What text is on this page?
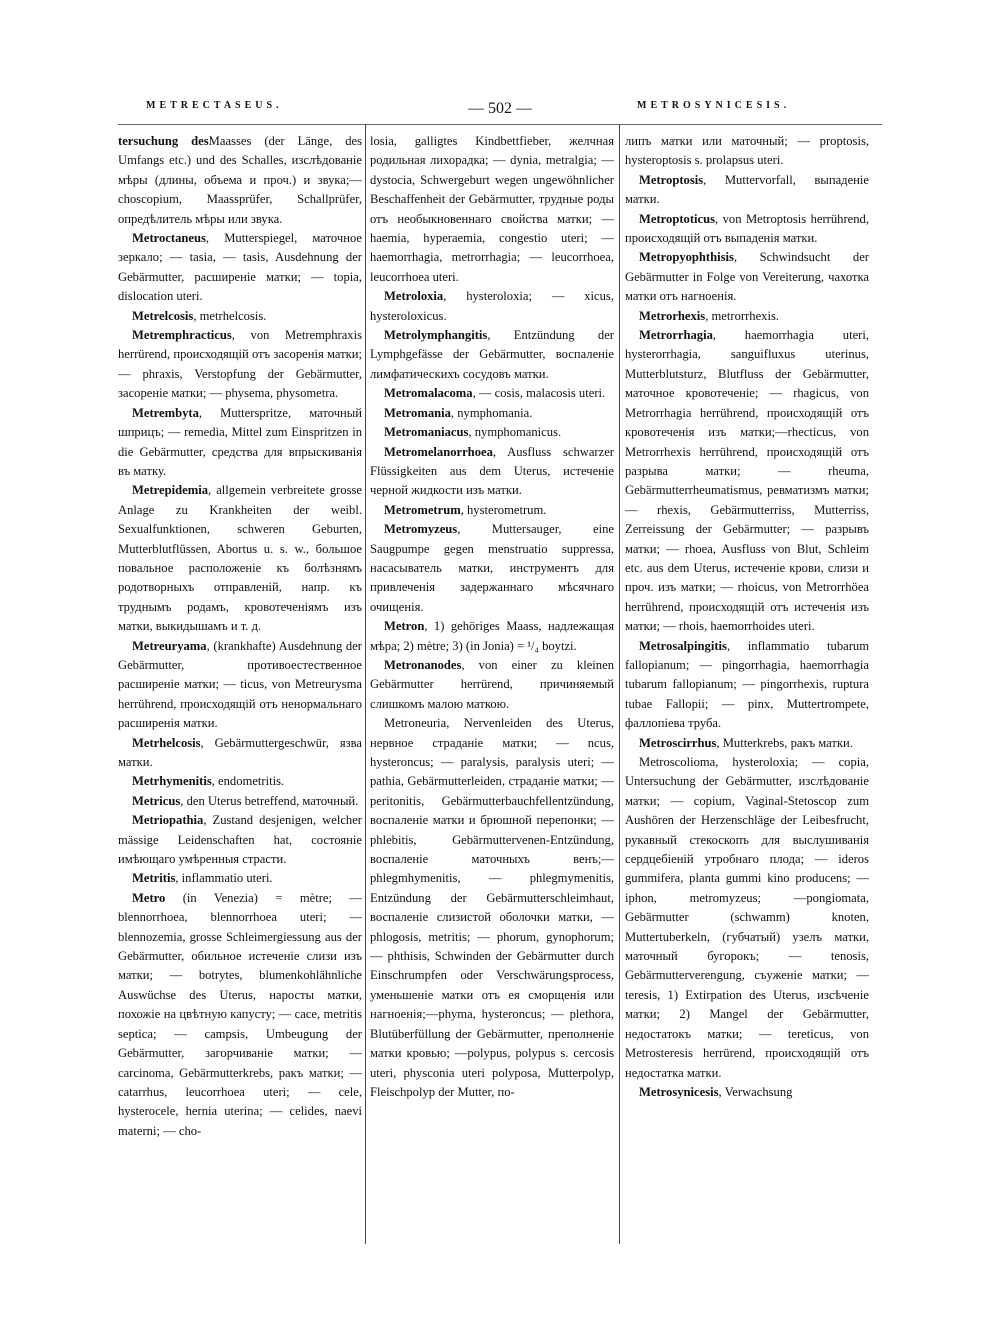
METRECTASEUS.	— 502 —	METROSYNICESIS.

tersuchung desMaasses (der Länge, des Umfangs etc.) und des Schalles, изслѣдованіе мѣры (длины, объема и проч.) и звука;—choscopium, Maassprüfer, Schallprüfer, опредѣлитель мѣры или звука.

Metroctaneus, Mutterspiegel, маточное зеркало; — tasia, — tasis, Ausdehnung der Gebärmutter, расширеніе матки; — topia, dislocation uteri.

Metrelcosis, metrhelcosis.

Metremphracticus, von Metremphraxis herrürend, происходящій отъ засоренія матки; — phraxis, Verstopfung der Gebärmutter, засореніе матки; — physema, physometra.

Metrembyta, Mutterspritze, маточный шприцъ; — remedia, Mittel zum Einspritzen in die Gebärmutter, средства для впрыскиванія въ матку.

Metrepidemia, allgemein verbreitete grosse Anlage zu Krankheiten der weibl. Sexualfunktionen, schweren Geburten, Mutterblutflüssen, Abortus u. s. w., большое повальное расположеніе къ болѣзнямъ родотворныхъ отправленій, напр. къ труднымъ родамъ, кровотеченіямъ изъ матки, выкидышамъ и т. д.

Metreuryama, (krankhafte) Ausdehnung der Gebärmutter, противоестественное расширеніе матки; — ticus, von Metreurysma herrührend, происходящій отъ ненормальнаго расширенія матки.

Metrhelcosis, Gebärmuttergeschwür, язва матки.

Metrhymenitis, endometritis.

Metricus, den Uterus betreffend, маточный.

Metriopathia, Zustand desjenigen, welcher mässige Leidenschaften hat, состояніе имѣющаго умѣренныя страсти.

Metritis, inflammatio uteri.

Metro (in Venezia) = mètre; — blennorrhoea, blennorrhoea uteri; — blennozemia, grosse Schleimergiessung aus der Gebärmutter, обильное истеченіе слизи изъ матки; — botrytes, blumenkohlähnliche Auswüchse des Uterus, наросты матки, похожіе на цвѣтную капусту; — cace, metritis septica; — campsis, Umbeugung der Gebärmutter, загорчиваніе матки; — carcinoma, Gebärmutterkrebs, ракъ матки; — catarrhus, leucorrhoea uteri; — cele, hysterocele, hernia uterina; — celides, naevi materni; — cho-

losia, galligtes Kindbettfieber, желчная родильная лихорадка; — dynia, metralgia; — dystocia, Schwergeburt wegen ungewöhnlicher Beschaffenheit der Gebärmutter, трудные роды отъ необыкновеннаго свойства матки; — haemia, hyperaemia, congestio uteri; — haemorrhagia, metrorrhagia; — leucorrhoea, leucorrhoea uteri.

Metroloxia, hysteroloxia; — xicus, hysteroloxicus.

Metrolymphangitis, Entzündung der Lymphgefässe der Gebärmutter, воспаленіе лимфатическихъ сосудовъ матки.

Metromalacoma, — cosis, malacosis uteri.

Metromania, nymphomania.

Metromaniacus, nymphomanicus.

Metromelanorrhoea, Ausfluss schwarzer Flüssigkeiten aus dem Uterus, истеченіе черной жидкости изъ матки.

Metrometrum, hysterometrum.

Metromyzeus, Muttersauger, eine Saugpumpe gegen menstruatio suppressa, насасыватель матки, инструментъ для привлеченія задержаннаго мѣсячнаго очищенія.

Metron, 1) gehöriges Maass, надлежащая мѣра; 2) mètre; 3) (in Jonia) = ¹/₄ boytzi.

Metronanodes, von einer zu kleinen Gebärmutter herrürend, причиняемый слишкомъ малою маткою.

Metroneuria, Nervenleiden des Uterus, нервное страданіе матки; — ncus, hysteroncus; — paralysis, paralysis uteri; — pathia, Gebärmutterleiden, страданіе матки; — peritonitis, Gebärmutterbauchfellentzündung, воспаленіе матки и брюшной перепонки; — phlebitis, Gebärmuttervenen-Entzündung, воспаленіе маточныхъ венъ;—phlegmhymenitis, — phlegmymenitis, Entzündung der Gebärmutterschleimhaut, воспаленіе слизистой оболочки матки, — phlogosis, metritis; — phorum, gynophorum; — phthisis, Schwinden der Gebärmutter durch Einschrumpfen oder Verschwärungsprocess, уменьшеніе матки отъ ея сморщенія или нагноенія;—phyma, hysteroncus; — plethora, Blutüberfüllung der Gebärmutter, преполненіе матки кровью; —polypus, polypus s. cercosis uteri, physconia uteri polyposa, Mutterpolyp, Fleischpolyp der Mutter, по-

липъ матки или маточный; — proptosis, hysteroptosis s. prolapsus uteri.

Metroptosis, Muttervorfall, выпаденіе матки.

Metroptoticus, von Metroptosis herrührend, происходящій отъ выпаденія матки.

Metropyophthisis, Schwindsucht der Gebärmutter in Folge von Vereiterung, чахотка матки отъ нагноенія.

Metrorhexis, metrorrhexis.

Metrorrhagia, haemorrhagia uteri, hysterorrhagia, sanguifluxus uterinus, Mutterblutsturz, Blutfluss der Gebärmutter, маточное кровотеченіе; — rhagicus, von Metrorrhagia herrührend, происходящій отъ кровотеченія изъ матки;—rhecticus, von Metrorrhexis herrührend, происходящій отъ разрыва матки; — rheuma, Gebärmutterrheumatismus, ревматизмъ матки; — rhexis, Gebärmutterriss, Mutterriss, Zerreissung der Gebärmutter; — разрывъ матки; — rhoea, Ausfluss von Blut, Schleim etc. aus dem Uterus, истеченіе крови, слизи и проч. изъ матки; — rhoicus, von Metrorrhöea herrührend, происходящій отъ истеченія изъ матки; — rhois, haemorrhoides uteri.

Metrosalpingitis, inflammatio tubarum fallopianum; — pingorrhagia, haemorrhagia tubarum fallopianum; — pingorrhexis, ruptura tubae Fallopii; — pinx, Muttertrompete, фаллопіева труба.

Metroscirrhus, Mutterkrebs, ракъ матки.

Metroscolioma, hysteroloxia; — copia, Untersuchung der Gebärmutter, изслѣдованіе матки; — copium, Vaginal-Stetoscop zum Aushören der Herzenschläge der Leibesfrucht, рукавный стекоскопъ для выслушиванія сердцебіеній утробнаго плода; — ideros gummifera, planta gummi kino producens; — iphon, metromyzeus; —pongiomata, Gebärmutter (schwamm) knoten, Muttertuberkeln, (губчатый) узелъ матки, маточный бугорокъ; — tenosis, Gebärmutterverengung, съуженіе матки; — teresis, 1) Extirpation des Uterus, изсѣченіе матки; 2) Mangel der Gebärmutter, недостатокъ матки; — tereticus, von Metrosteresis herrürend, происходящій отъ недостатка матки.

Metrosynicesis, Verwachsung
